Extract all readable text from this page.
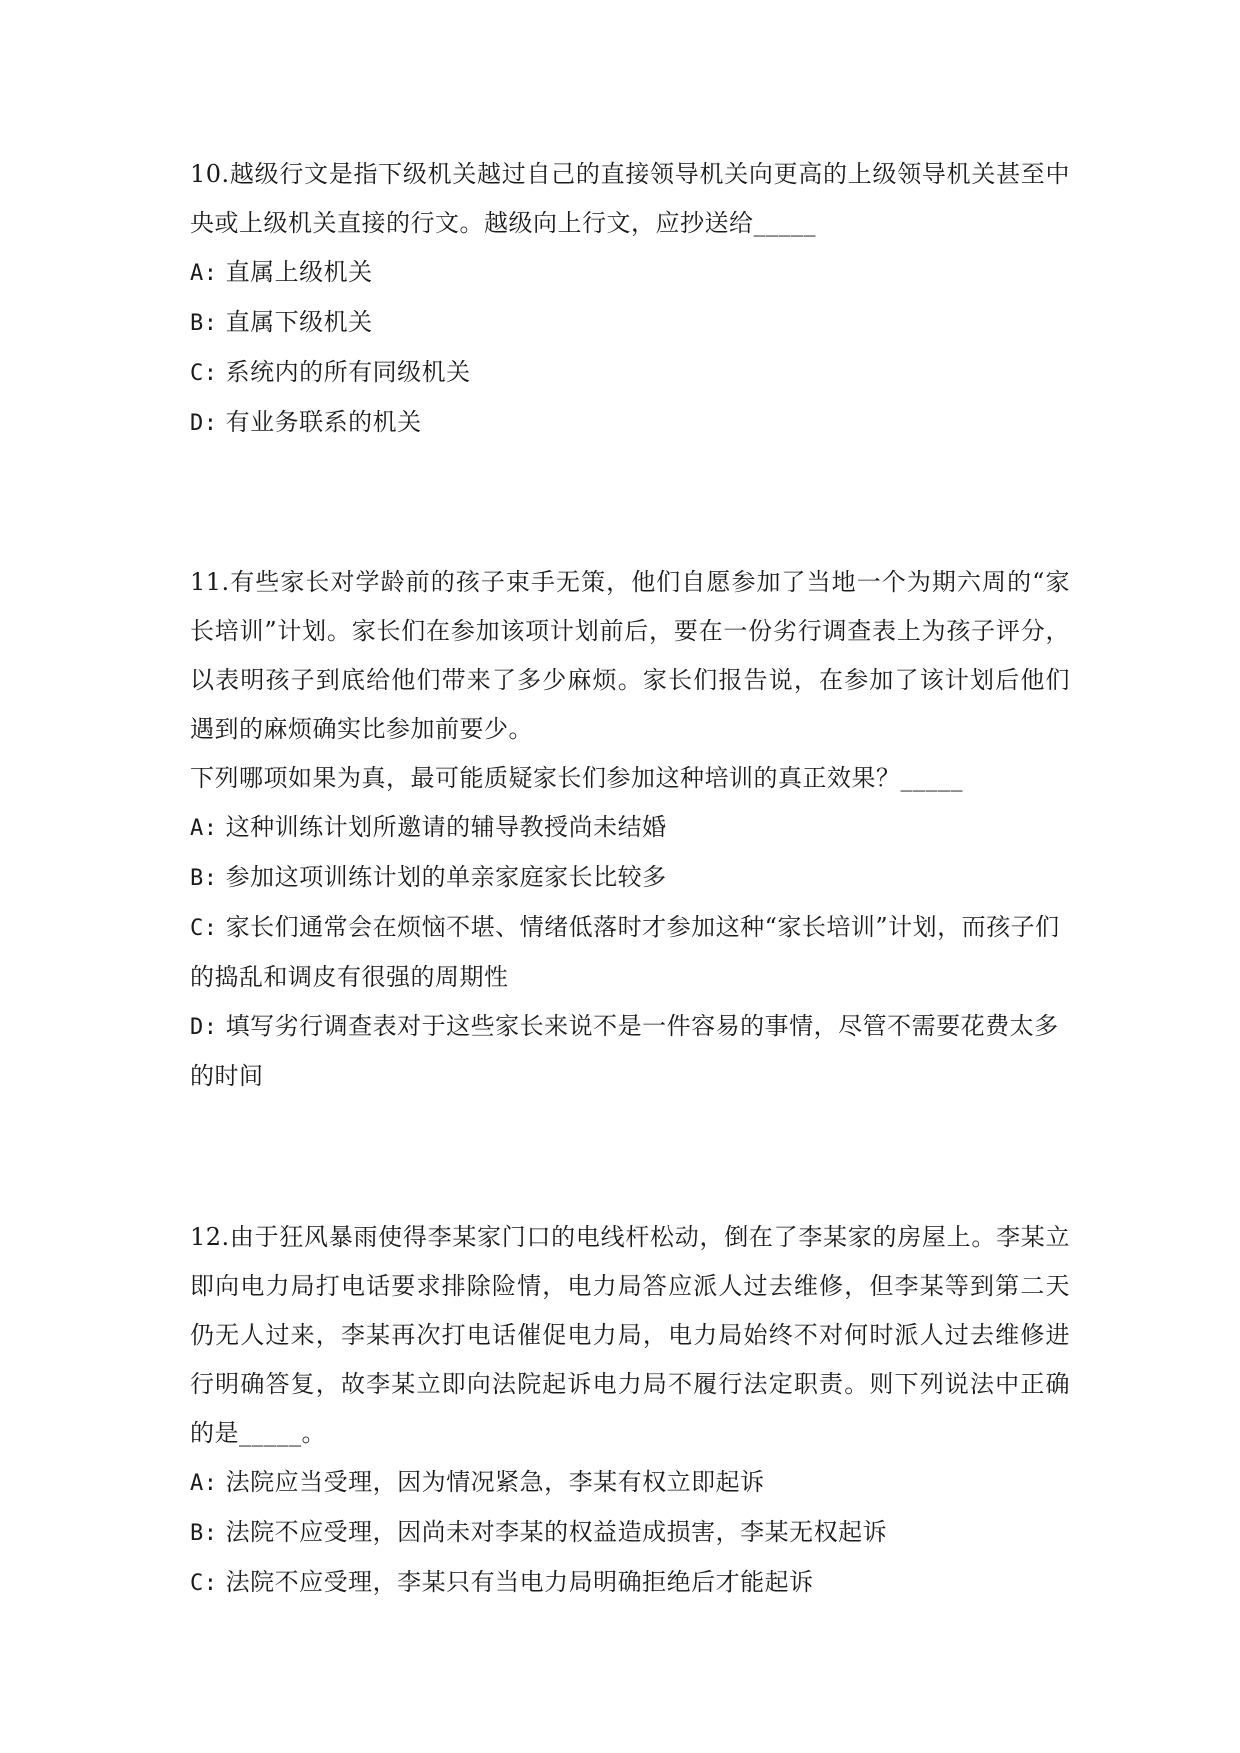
10.越级行文是指下级机关越过自己的直接领导机关向更高的上级领导机关甚至中央或上级机关直接的行文。越级向上行文，应抄送给_____

A: 直属上级机关

B: 直属下级机关

C: 系统内的所有同级机关

D: 有业务联系的机关

11.有些家长对学龄前的孩子束手无策，他们自愿参加了当地一个为期六周的“家长培训”计划。家长们在参加该项计划前后，要在一份劣行调查表上为孩子评分，以表明孩子到底给他们带来了多少麻烦。家长们报告说，在参加了该计划后他们遇到的麻烦确实比参加前要少。

下列哪项如果为真，最可能质疑家长们参加这种培训的真正效果？_____

A: 这种训练计划所邀请的辅导教授尚未结婚

B: 参加这项训练计划的单亲家庭家长比较多

C: 家长们通常会在烦恼不堪、情绪低落时才参加这种“家长培训”计划，而孩子们的捣乱和调皮有很强的周期性

D: 填写劣行调查表对于这些家长来说不是一件容易的事情，尽管不需要花费太多的时间

12.由于狂风暴雨使得李某家门口的电线杆松动，倒在了李某家的房屋上。李某立即向电力局打电话要求排除险情，电力局答应派人过去维修，但李某等到第二天仍无人过来，李某再次打电话催促电力局，电力局始终不对何时派人过去维修进行明确答复，故李某立即向法院起诉电力局不履行法定职责。则下列说法中正确的是_____。

A: 法院应当受理，因为情况紧急，李某有权立即起诉

B: 法院不应受理，因尚未对李某的权益造成损害，李某无权起诉

C: 法院不应受理，李某只有当电力局明确拒绝后才能起诉
